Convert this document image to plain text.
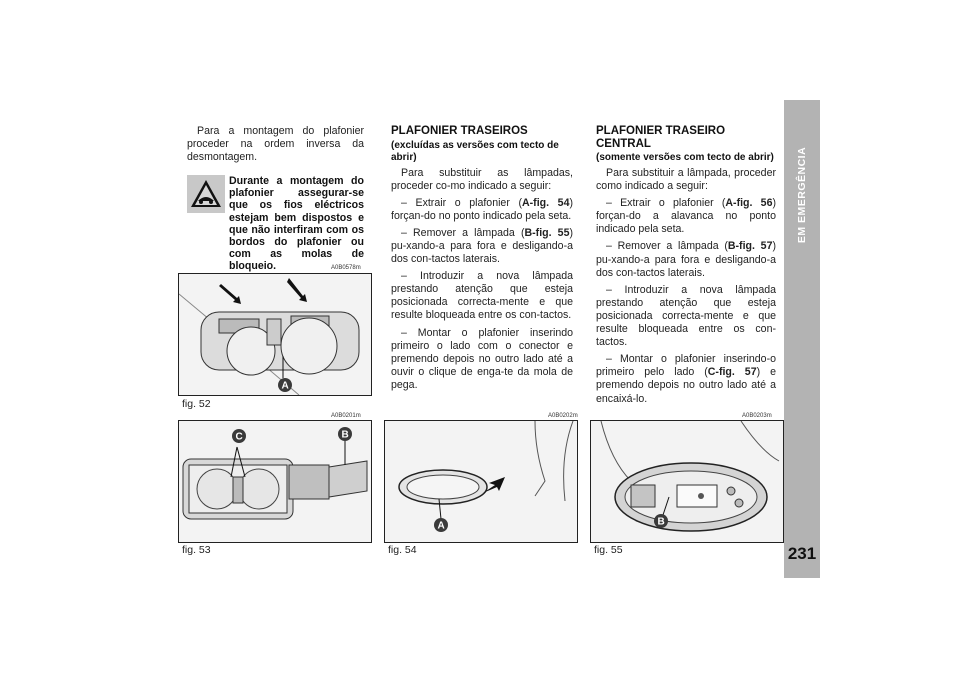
EM EMERGÊNCIA
231

Para a montagem do plafonier proceder na ordem inversa da desmontagem.

Durante a montagem do plafonier assegurar-se que os fios eléctricos estejam bem dispostos e que não interfiram com os bordos do plafonier ou com as molas de bloqueio.
PLAFONIER TRASEIROS
(excluídas as versões com tecto de abrir)

Para substituir as lâmpadas, proceder co-mo indicado a seguir:

– Extrair o plafonier (A-fig. 54) forçan-do no ponto indicado pela seta.

– Remover a lâmpada (B-fig. 55) pu-xando-a para fora e desligando-a dos con-tactos laterais.

– Introduzir a nova lâmpada prestando atenção que esteja posicionada correcta-mente e que resulte bloqueada entre os con-tactos.

– Montar o plafonier inserindo primeiro o lado com o conector e premendo depois no outro lado até a ouvir o clique de enga-te da mola de pega.

PLAFONIER TRASEIRO CENTRAL
(somente versões com tecto de abrir)

Para substituir a lâmpada, proceder como indicado a seguir:

– Extrair o plafonier (A-fig. 56) forçan-do a alavanca no ponto indicado pela seta.

– Remover a lâmpada (B-fig. 57) pu-xando-a para fora e desligando-a dos con-tactos laterais.

– Introduzir a nova lâmpada prestando atenção que esteja posicionada correcta-mente e que resulte bloqueada entre os con-tactos.

– Montar o plafonier inserindo-o primeiro pelo lado (C-fig. 57) e premendo depois no outro lado até a encaixá-lo.

A0B0578m
A
fig. 52
A0B0201m
C	B
fig. 53
A0B0202m
A
fig. 54
A0B0203m
B
fig. 55
